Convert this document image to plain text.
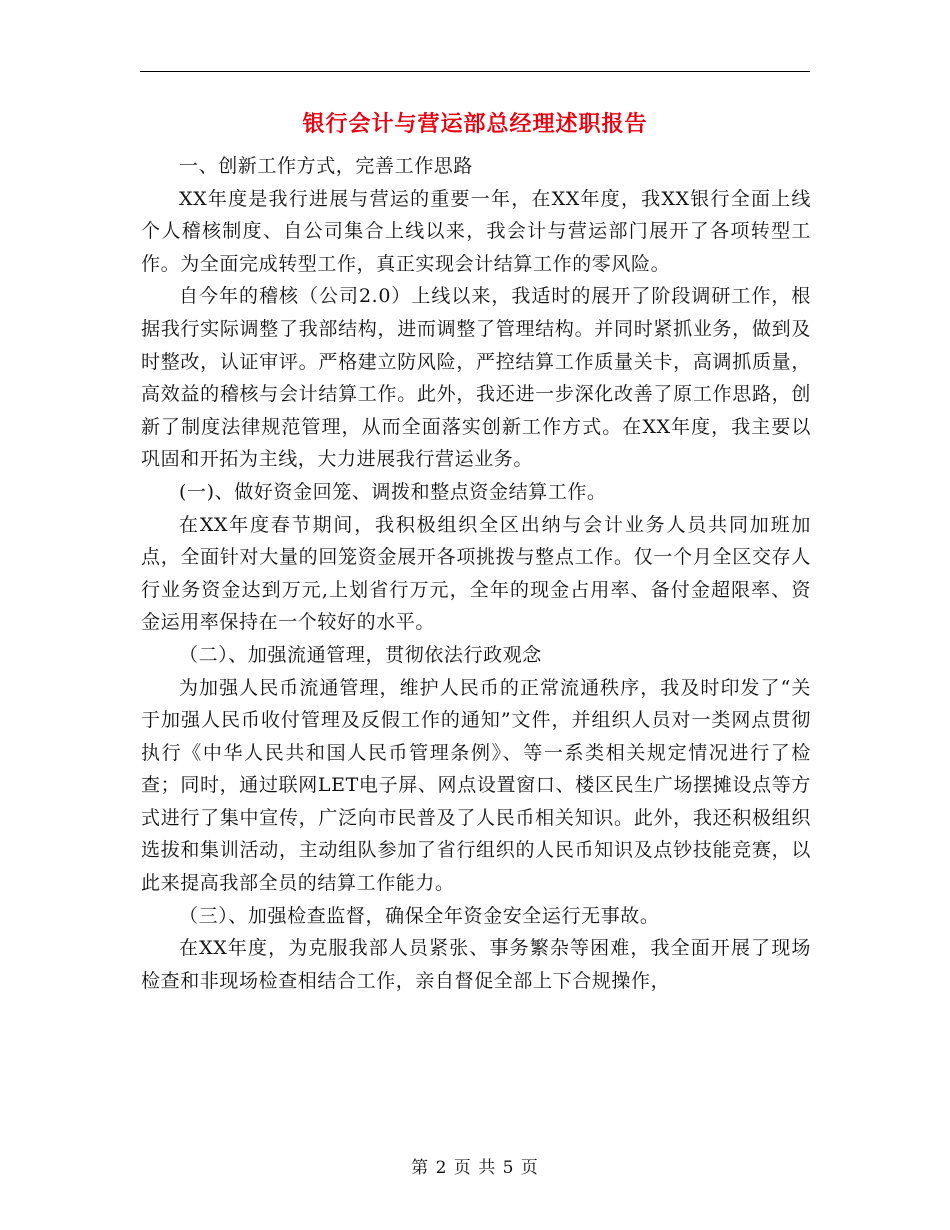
银行会计与营运部总经理述职报告

一、创新工作方式，完善工作思路

XX年度是我行进展与营运的重要一年，在XX年度，我XX银行全面上线个人稽核制度、自公司集合上线以来，我会计与营运部门展开了各项转型工作。为全面完成转型工作，真正实现会计结算工作的零风险。

自今年的稽核（公司2.0）上线以来，我适时的展开了阶段调研工作，根据我行实际调整了我部结构，进而调整了管理结构。并同时紧抓业务，做到及时整改，认证审评。严格建立防风险，严控结算工作质量关卡，高调抓质量，高效益的稽核与会计结算工作。此外，我还进一步深化改善了原工作思路，创新了制度法律规范管理，从而全面落实创新工作方式。在XX年度，我主要以巩固和开拓为主线，大力进展我行营运业务。

(一)、做好资金回笼、调拨和整点资金结算工作。

在XX年度春节期间，我积极组织全区出纳与会计业务人员共同加班加点，全面针对大量的回笼资金展开各项挑拨与整点工作。仅一个月全区交存人行业务资金达到万元,上划省行万元，全年的现金占用率、备付金超限率、资金运用率保持在一个较好的水平。

（二）、加强流通管理，贯彻依法行政观念

为加强人民币流通管理，维护人民币的正常流通秩序，我及时印发了“关于加强人民币收付管理及反假工作的通知”文件，并组织人员对一类网点贯彻执行《中华人民共和国人民币管理条例》、等一系类相关规定情况进行了检查；同时，通过联网LET电子屏、网点设置窗口、楼区民生广场摆摊设点等方式进行了集中宣传，广泛向市民普及了人民币相关知识。此外，我还积极组织选拔和集训活动，主动组队参加了省行组织的人民币知识及点钞技能竞赛，以此来提高我部全员的结算工作能力。

（三）、加强检查监督，确保全年资金安全运行无事故。

在XX年度，为克服我部人员紧张、事务繁杂等困难，我全面开展了现场检查和非现场检查相结合工作，亲自督促全部上下合规操作，

第 2 页 共 5 页
